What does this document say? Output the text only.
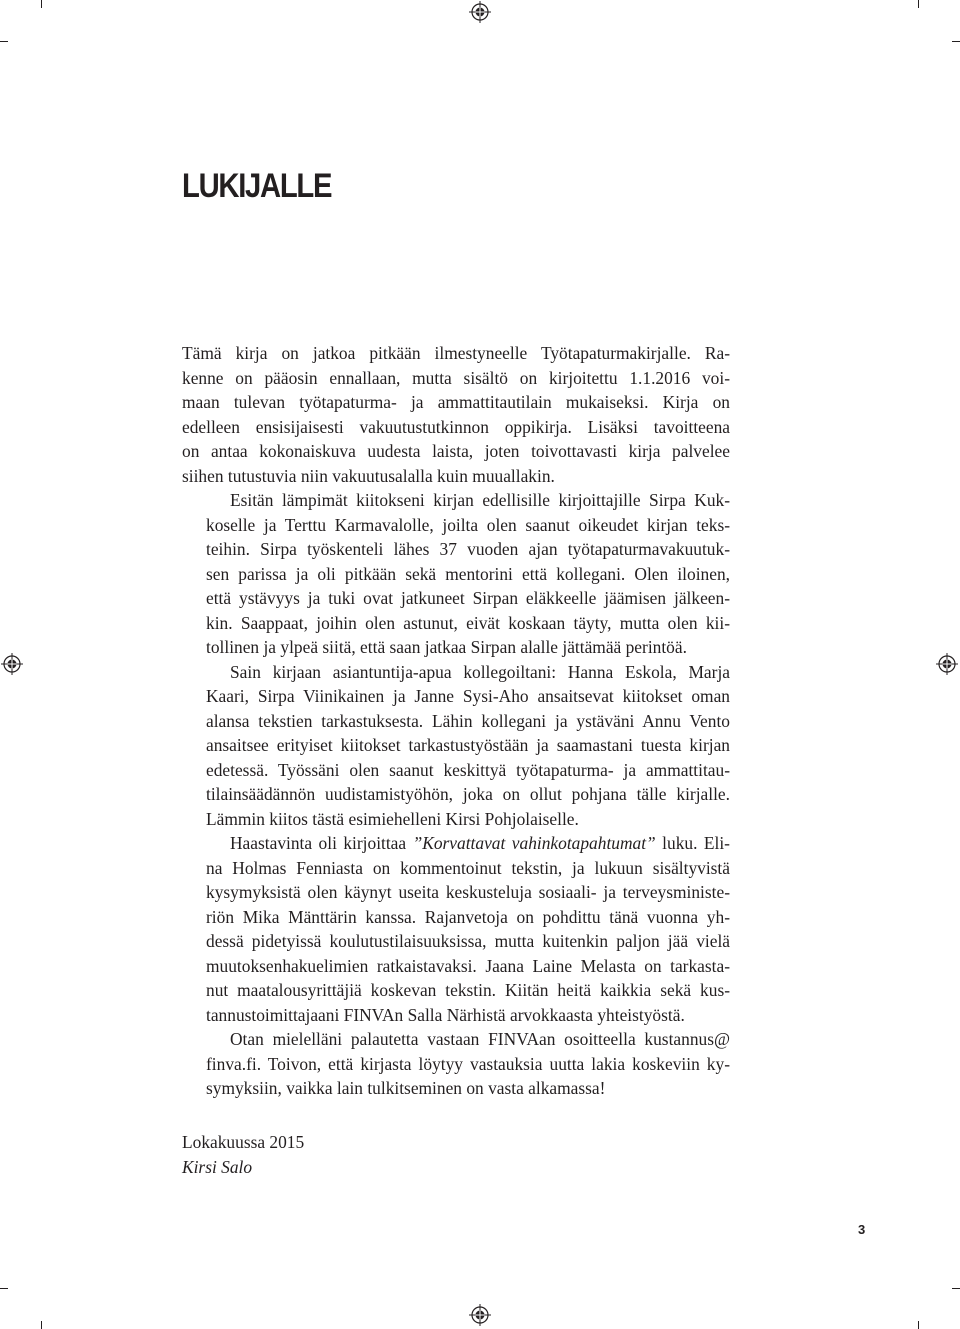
LUKIJALLE

Tämä kirja on jatkoa pitkään ilmestyneelle Työtapaturmakirjalle. Ra-
kenne on pääosin ennallaan, mutta sisältö on kirjoitettu 1.1.2016 voi-
maan tulevan työtapaturma- ja ammattitautilain mukaiseksi. Kirja on
edelleen ensisijaisesti vakuutustutkinnon oppikirja. Lisäksi tavoitteena
on antaa kokonaiskuva uudesta laista, joten toivottavasti kirja palvelee
siihen tutustuvia niin vakuutusalalla kuin muuallakin.

Esitän lämpimät kiitokseni kirjan edellisille kirjoittajille Sirpa Kuk-
koselle ja Terttu Karmavalolle, joilta olen saanut oikeudet kirjan teks-
teihin. Sirpa työskenteli lähes 37 vuoden ajan työtapaturmavakuutuk-
sen parissa ja oli pitkään sekä mentorini että kollegani. Olen iloinen,
että ystävyys ja tuki ovat jatkuneet Sirpan eläkkeelle jäämisen jälkeen-
kin. Saappaat, joihin olen astunut, eivät koskaan täyty, mutta olen kii-
tollinen ja ylpeä siitä, että saan jatkaa Sirpan alalle jättämää perintöä.

Sain kirjaan asiantuntija-apua kollegoiltani: Hanna Eskola, Marja
Kaari, Sirpa Viinikainen ja Janne Sysi-Aho ansaitsevat kiitokset oman
alansa tekstien tarkastuksesta. Lähin kollegani ja ystäväni Annu Vento
ansaitsee erityiset kiitokset tarkastustyöstään ja saamastani tuesta kirjan
edetessä. Työssäni olen saanut keskittyä työtapaturma- ja ammattitau-
tilainsäädännön uudistamistyöhön, joka on ollut pohjana tälle kirjalle.
Lämmin kiitos tästä esimiehelleni Kirsi Pohjolaiselle.

Haastavinta oli kirjoittaa ”Korvattavat vahinkotapahtumat” luku. Eli-
na Holmas Fenniasta on kommentoinut tekstin, ja lukuun sisältyvistä
kysymyksistä olen käynyt useita keskusteluja sosiaali- ja terveysministe-
riön Mika Mänttärin kanssa. Rajanvetoja on pohdittu tänä vuonna yh-
dessä pidetyissä koulutustilaisuuksissa, mutta kuitenkin paljon jää vielä
muutoksenhakuelimien ratkaistavaksi. Jaana Laine Melasta on tarkasta-
nut maatalousyrittäjiä koskevan tekstin. Kiitän heitä kaikkia sekä kus-
tannustoimittajaani FINVAn Salla Närhistä arvokkaasta yhteistyöstä.

Otan mielelläni palautetta vastaan FINVAan osoitteella kustannus@
finva.fi. Toivon, että kirjasta löytyy vastauksia uutta lakia koskeviin ky-
symyksiin, vaikka lain tulkitseminen on vasta alkamassa!

Lokakuussa 2015
Kirsi Salo
3
